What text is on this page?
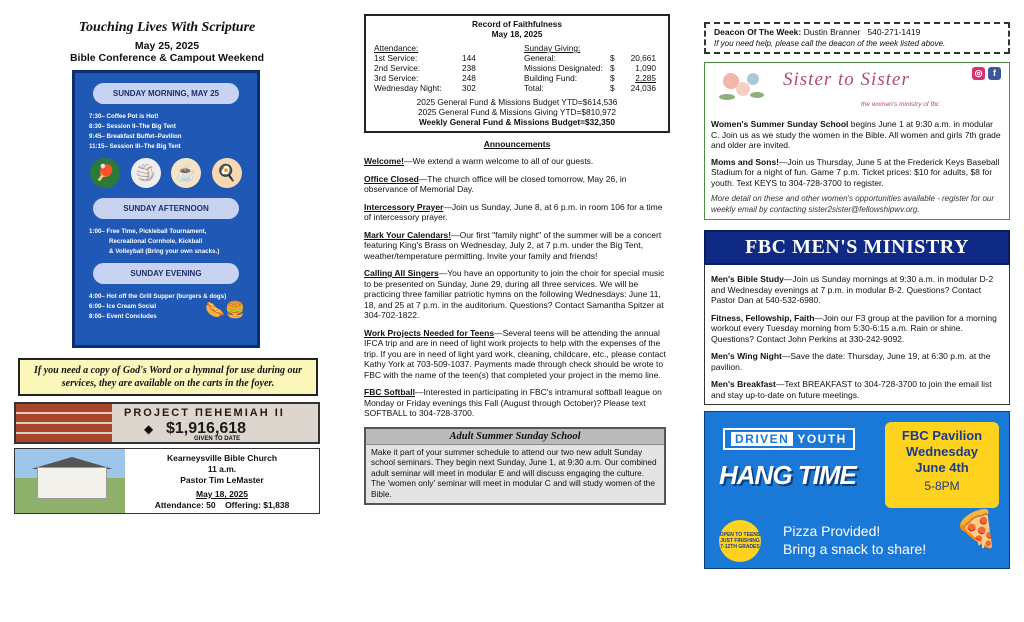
Touching Lives With Scripture
May 25, 2025
Bible Conference & Campout Weekend
SUNDAY MORNING, MAY 25
7:30– Coffee Pot is Hot!
8:30– Session II–The Big Tent
9:45– Breakfast Buffet–Pavilion
11:15– Session III–The Big Tent
🏓	🏐	☕	🍳
SUNDAY AFTERNOON
1:00– Free Time, Pickleball Tournament,
Recreational Cornhole, Kickball
& Volleyball (Bring your own snacks.)
SUNDAY EVENING
4:00– Hot off the Grill Supper (burgers & dogs)
6:00– Ice Cream Social
8:00– Event Concludes	🌭🍔
If you need a copy of God's Word or a hymnal for use during our services, they are available on the carts in the foyer.
PROJECT ПEHEMIAH II
◆ $1,916,618
GIVEN TO DATE
Kearneysville Bible Church
11 a.m.
Pastor Tim LeMaster
May 18, 2025
Attendance: 50    Offering: $1,838
Record of Faithfulness
May 18, 2025
Attendance:
1st Service:	144
2nd Service:	238
3rd Service:	248
Wednesday Night:	302
Sunday Giving:
General:	$	20,661
Missions Designated: $	1,090
Building Fund:	$	2,285
Total:	$	24,036
2025 General Fund & Missions Budget YTD=$614,536
2025 General Fund & Missions Giving YTD=$810,972
Weekly General Fund & Missions Budget=$32,350
Announcements
Welcome!—We extend a warm welcome to all of our guests.
Office Closed—The church office will be closed tomorrow, May 26, in observance of Memorial Day.
Intercessory Prayer—Join us Sunday, June 8, at 6 p.m. in room 106 for a time of intercessory prayer.
Mark Your Calendars!—Our first "family night" of the summer will be a concert featuring King's Brass on Wednesday, July 2, at 7 p.m. under the Big Tent, weather/temperature permitting. Invite your family and friends!
Calling All Singers—You have an opportunity to join the choir for special music to be presented on Sunday, June 29, during all three services. We will be practicing three familiar patriotic hymns on the following Wednesdays: June 11, 18, and 25 at 7 p.m. in the auditorium. Questions? Contact Samantha Spitzer at 304-702-1822.
Work Projects Needed for Teens—Several teens will be attending the annual IFCA trip and are in need of light work projects to help with the expenses of the trip. If you are in need of light yard work, cleaning, childcare, etc., please contact Kathy York at 703-509-1037. Payments made through check should be wrote to FBC with the name of the teen(s) that completed your project in the memo line.
FBC Softball—Interested in participating in FBC's intramural softball league on Monday or Friday evenings this Fall (August through October)? Please text SOFTBALL to 304-728-3700.
Adult Summer Sunday School
Make it part of your summer schedule to attend our two new adult Sunday school seminars. They begin next Sunday, June 1, at 9:30 a.m. Our combined adult seminar will meet in modular E and will discuss engaging the culture. The 'women only' seminar will meet in modular C and will study women of the Bible.
Deacon Of The Week: Dustin Branner 540-271-1419
If you need help, please call the deacon of the week listed above.
Sister to Sister
the women's ministry of fbc
◎	f

Women's Summer Sunday School begins June 1 at 9:30 a.m. in modular C. Join us as we study the women in the Bible. All women and girls 7th grade and older are invited.

Moms and Sons!—Join us Thursday, June 5 at the Frederick Keys Baseball Stadium for a night of fun. Game 7 p.m. Ticket prices: $10 for adults, $8 for youth. Text KEYS to 304-728-3700 to register.

More detail on these and other women's opportunities available - register for our weekly email by contacting sister2sister@fellowshipwv.org.

FBC MEN'S MINISTRY

Men's Bible Study—Join us Sunday mornings at 9:30 a.m. in modular D-2 and Wednesday evenings at 7 p.m. in modular B-2. Questions? Contact Pastor Dan at 540-532-6980.

Fitness, Fellowship, Faith—Join our F3 group at the pavilion for a morning workout every Tuesday morning from 5:30-6:15 a.m. Rain or shine. Questions? Contact John Perkins at 330-242-9092.

Men's Wing Night—Save the date: Thursday, June 19, at 6:30 p.m. at the pavilion.

Men's Breakfast—Text BREAKFAST to 304-728-3700 to join the email list and stay up-to-date on future meetings.

DRIVEN YOUTH
HANG TIME
FBC Pavilion
Wednesday
June 4th
5-8PM
OPEN TO TEENS JUST FINISHING 7-12TH GRADES
Pizza Provided!
Bring a snack to share! 🍕
